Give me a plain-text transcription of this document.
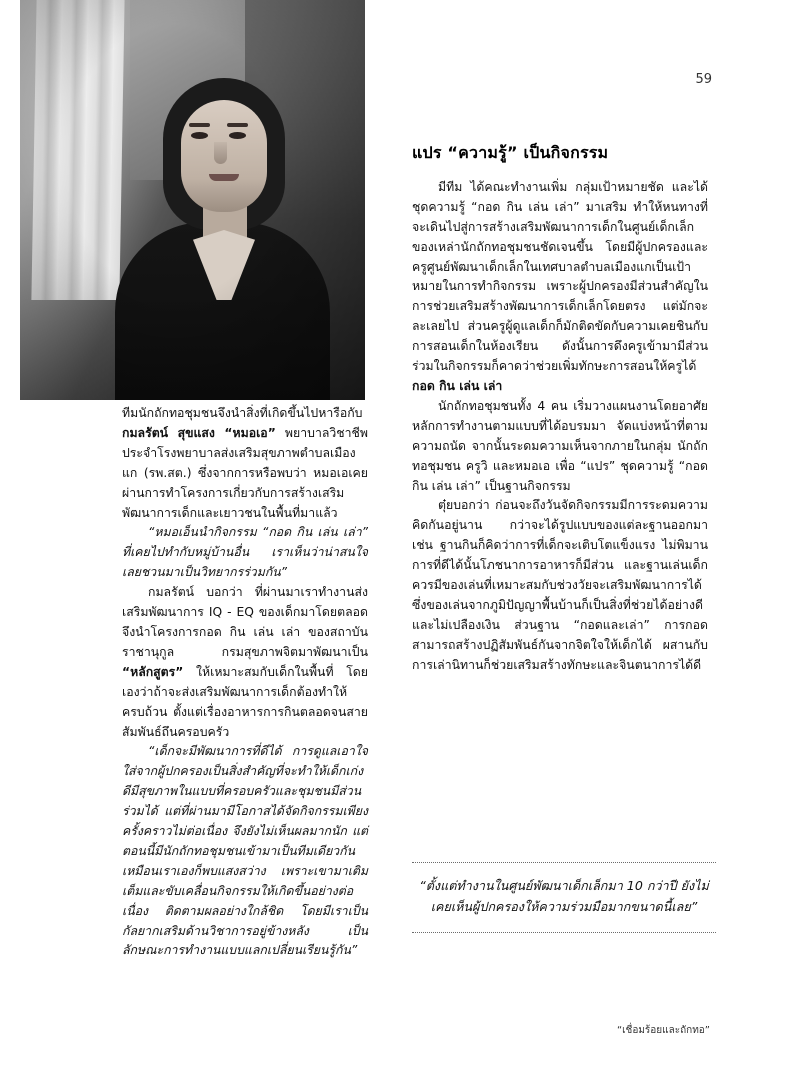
59

ทีมนักถักทอชุมชนจึงนำสิ่งที่เกิดขึ้นไปหารือกับ กมลรัตน์ สุขแสง “หมอเอ” พยาบาลวิชาชีพประจำโรงพยาบาลส่งเสริมสุขภาพตำบลเมืองแก (รพ.สต.) ซึ่งจากการหรือพบว่า หมอเอเคยผ่านการทำโครงการเกี่ยวกับการสร้างเสริมพัฒนาการเด็กและเยาวชนในพื้นที่มาแล้ว

“หมอเอ็นนำกิจกรรม “กอด กิน เล่น เล่า” ที่เคยไปทำกับหมู่บ้านอื่น เราเห็นว่าน่าสนใจเลยชวนมาเป็นวิทยากรร่วมกัน”

กมลรัตน์ บอกว่า ที่ผ่านมาเราทำงานส่งเสริมพัฒนาการ IQ - EQ ของเด็กมาโดยตลอด จึงนำโครงการกอด กิน เล่น เล่า ของสถาบันราชานุกูล กรมสุขภาพจิตมาพัฒนาเป็น “หลักสูตร” ให้เหมาะสมกับเด็กในพื้นที่ โดยเองว่าถ้าจะส่งเสริมพัฒนาการเด็กต้องทำให้ครบถ้วน ตั้งแต่เรื่องอาหารการกินตลอดจนสายสัมพันธ์ถึนครอบครัว

“เด็กจะมีพัฒนาการที่ดีได้ การดูแลเอาใจใส่จากผู้ปกครองเป็นสิ่งสำคัญที่จะทำให้เด็กเก่งดีมีสุขภาพในแบบที่ครอบครัวและชุมชนมีส่วนร่วมได้ แต่ที่ผ่านมามีโอกาสได้จัดกิจกรรมเพียงครั้งคราวไม่ต่อเนื่อง จึงยังไม่เห็นผลมากนัก แต่ตอนนี้มีนักถักทอชุมชนเข้ามาเป็นทีมเดียวกัน เหมือนเราเองก็พบแสงสว่าง เพราะเขามาเติมเต็มและขับเคลื่อนกิจกรรมให้เกิดขึ้นอย่างต่อเนื่อง ติดตามผลอย่างใกล้ชิด โดยมีเราเป็นกัลยากเสริมด้านวิชาการอยู่ข้างหลัง เป็นลักษณะการทำงานแบบแลกเปลี่ยนเรียนรู้กัน”

แปร “ความรู้” เป็นกิจกรรม

มีทีม ได้คณะทำงานเพิ่ม กลุ่มเป้าหมายชัด และได้ชุดความรู้ “กอด กิน เล่น เล่า” มาเสริม ทำให้หนทางที่จะเดินไปสู่การสร้างเสริมพัฒนาการเด็กในศูนย์เด็กเล็กของเหล่านักถักทอชุมชนชัดเจนขึ้น โดยมีผู้ปกครองและครูศูนย์พัฒนาเด็กเล็กในเทศบาลตำบลเมืองแกเป็นเป้าหมายในการทำกิจกรรม เพราะผู้ปกครองมีส่วนสำคัญในการช่วยเสริมสร้างพัฒนาการเด็กเล็กโดยตรง แต่มักจะละเลยไป ส่วนครูผู้ดูแลเด็กก็มักติดขัดกับความเคยชินกับการสอนเด็กในห้องเรียน ดังนั้นการดึงครูเข้ามามีส่วนร่วมในกิจกรรมก็คาดว่าช่วยเพิ่มทักษะการสอนให้ครูได้ กอด กิน เล่น เล่า

นักถักทอชุมชนทั้ง 4 คน เริ่มวางแผนงานโดยอาศัยหลักการทำงานตามแบบที่ได้อบรมมา จัดแบ่งหน้าที่ตามความถนัด จากนั้นระดมความเห็นจากภายในกลุ่ม นักถักทอชุมชน ครูวิ และหมอเอ เพื่อ “แปร” ชุดความรู้ “กอด กิน เล่น เล่า” เป็นฐานกิจกรรม

ตุ๋ยบอกว่า ก่อนจะถึงวันจัดกิจกรรมมีการระดมความคิดกันอยู่นาน กว่าจะได้รูปแบบของแต่ละฐานออกมา เช่น ฐานกินก็คิดว่าการที่เด็กจะเติบโตแข็งแรง ไม่พิมานการที่ดีได้นั้นโภชนาการอาหารก็มีส่วน และฐานเล่นเด็กควรมีของเล่นที่เหมาะสมกับช่วงวัยจะเสริมพัฒนาการได้ ซึ่งของเล่นจากภูมิปัญญาพื้นบ้านก็เป็นสิ่งที่ช่วยได้อย่างดีและไม่เปลืองเงิน ส่วนฐาน “กอดและเล่า” การกอดสามารถสร้างปฏิสัมพันธ์กันจากจิตใจให้เด็กได้ ผสานกับการเล่านิทานก็ช่วยเสริมสร้างทักษะและจินตนาการได้ดี

“ตั้งแต่ทำงานในศูนย์พัฒนาเด็กเล็กมา 10 กว่าปี ยังไม่เคยเห็นผู้ปกครองให้ความร่วมมือมากขนาดนี้เลย”
“เชื่อมร้อยและถักทอ”
